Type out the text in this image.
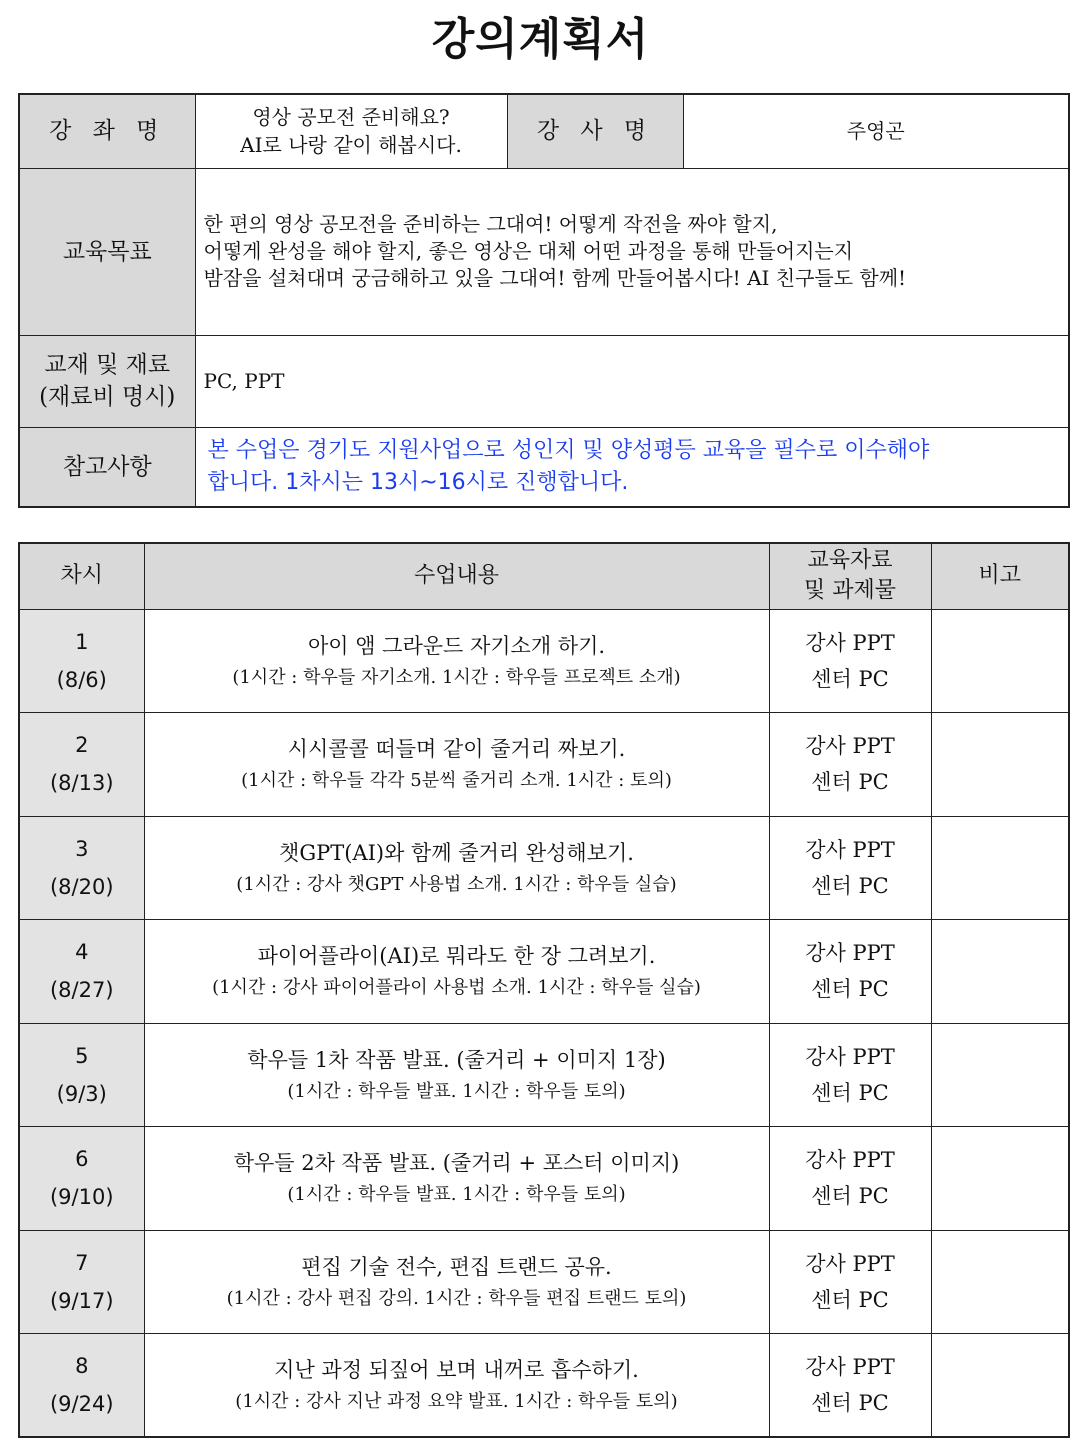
강의계획서
강 좌 명	영상 공모전 준비해요?
AI로 나랑 같이 해봅시다.	강 사 명	주영곤
교육목표	한 편의 영상 공모전을 준비하는 그대여! 어떻게 작전을 짜야 할지,
어떻게 완성을 해야 할지, 좋은 영상은 대체 어떤 과정을 통해 만들어지는지
밤잠을 설쳐대며 궁금해하고 있을 그대여! 함께 만들어봅시다! AI 친구들도 함께!		

교재 및 재료
(재료비 명시)	PC, PPT		
참고사항	본 수업은 경기도 지원사업으로 성인지 및 양성평등 교육을 필수로 이수해야
합니다. 1차시는 13시~16시로 진행합니다.		
차시	수업내용	교육자료
및 과제물	비고

1
(8/6)	아이 앰 그라운드 자기소개 하기.
(1시간 : 학우들 자기소개. 1시간 : 학우들 프로젝트 소개)	강사 PPT
센터 PC	

2
(8/13)	시시콜콜 떠들며 같이 줄거리 짜보기.
(1시간 : 학우들 각각 5분씩 줄거리 소개. 1시간 : 토의)	강사 PPT
센터 PC	

3
(8/20)	챗GPT(AI)와 함께 줄거리 완성해보기.
(1시간 : 강사 챗GPT 사용법 소개. 1시간 : 학우들 실습)	강사 PPT
센터 PC	

4
(8/27)	파이어플라이(AI)로 뭐라도 한 장 그려보기.
(1시간 : 강사 파이어플라이 사용법 소개. 1시간 : 학우들 실습)	강사 PPT
센터 PC	

5
(9/3)	학우들 1차 작품 발표. (줄거리 + 이미지 1장)
(1시간 : 학우들 발표. 1시간 : 학우들 토의)	강사 PPT
센터 PC	

6
(9/10)	학우들 2차 작품 발표. (줄거리 + 포스터 이미지)
(1시간 : 학우들 발표. 1시간 : 학우들 토의)	강사 PPT
센터 PC	

7
(9/17)	편집 기술 전수, 편집 트랜드 공유.
(1시간 : 강사 편집 강의. 1시간 : 학우들 편집 트랜드 토의)	강사 PPT
센터 PC	

8
(9/24)	지난 과정 되짚어 보며 내꺼로 흡수하기.
(1시간 : 강사 지난 과정 요약 발표. 1시간 : 학우들 토의)	강사 PPT
센터 PC	
